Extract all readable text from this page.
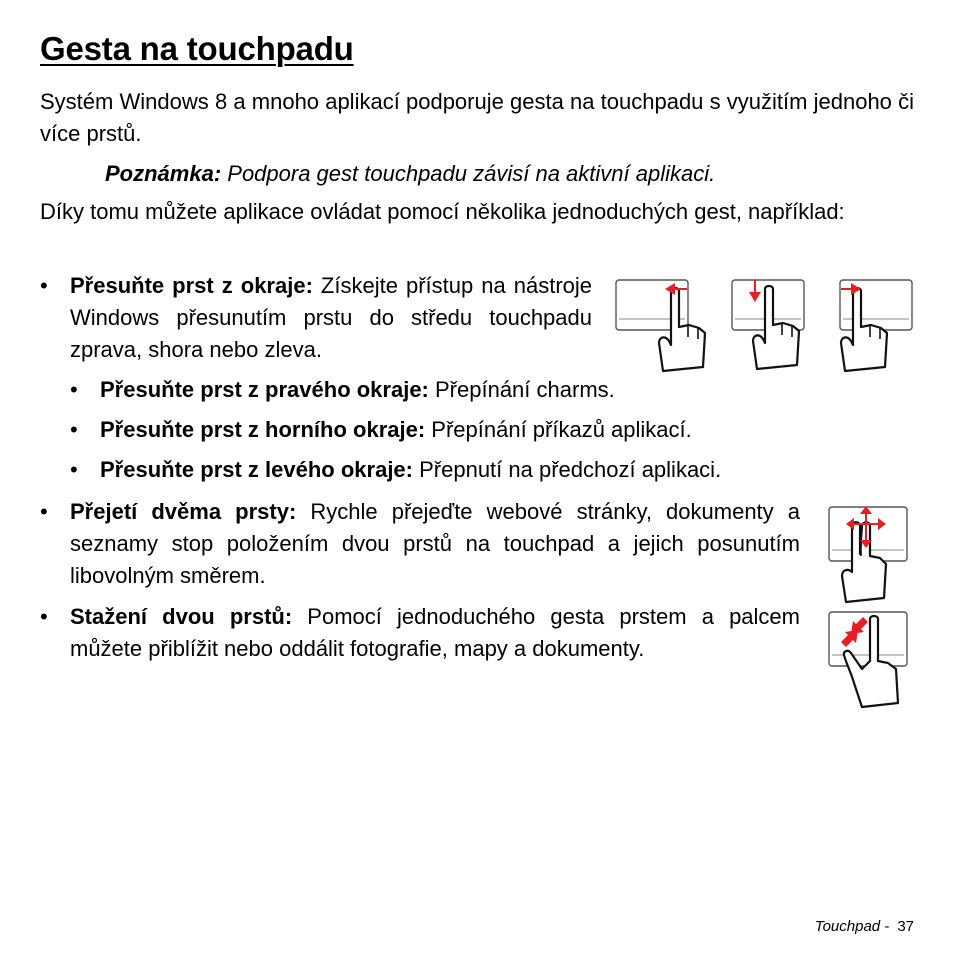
Gesta na touchpadu

Systém Windows 8 a mnoho aplikací podporuje gesta na touchpadu s využitím jednoho či více prstů.

Poznámka: Podpora gest touchpadu závisí na aktivní aplikaci.

Díky tomu můžete aplikace ovládat pomocí několika jednoduchých gest, například:

• Přesuňte prst z okraje: Získejte přístup na nástroje Windows přesunutím prstu do středu touchpadu zprava, shora nebo zleva.

• Přesuňte prst z pravého okraje: Přepínání charms.

• Přesuňte prst z horního okraje: Přepínání příkazů aplikací.

• Přesuňte prst z levého okraje: Přepnutí na předchozí aplikaci.

• Přejetí dvěma prsty: Rychle přejeďte webové stránky, dokumenty a seznamy stop položením dvou prstů na touchpad a jejich posunutím libovolným směrem.

• Stažení dvou prstů: Pomocí jednoduchého gesta prstem a palcem můžete přiblížit nebo oddálit fotografie, mapy a dokumenty.

Touchpad - 37
